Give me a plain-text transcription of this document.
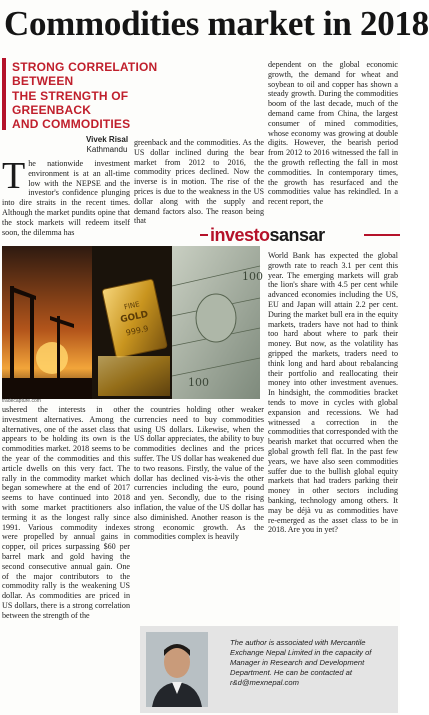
Commodities market in 2018

STRONG CORRELATION BETWEEN

THE STRENGTH OF GREENBACK

AND COMMODITIES

Vivek Risal
Kathmandu
The nationwide investment environment is at an all-time low with the NEPSE and the investor's confidence plunging into dire straits in the recent times. Although the market pundits opine that the stock markets will redeem itself soon, the dilemma has

greenback and the commodities. As the US dollar inclined during the bear market from 2012 to 2016, the commodity prices declined. Now the inverse is in motion. The rise of the prices is due to the weakness in the US dollar along with the supply and demand factors also. The reason being that

dependent on the global economic growth, the demand for wheat and soybean to oil and copper has shown a steady growth. During the commodities boom of the last decade, much of the demand came from China, the largest consumer of mined commodities, whose economy was growing at double digits. However, the bearish period from 2012 to 2016 witnessed the fall in the growth reflecting the fall in most commodities. In contemporary times, the growth has resurfaced and the commodities value has rekindled. In a recent report, the

investosansar
FINE
GOLD
999.9
100
100
tradecapture.com

World Bank has expected the global growth rate to reach 3.1 per cent this year. The emerging markets will grab the lion's share with 4.5 per cent while advanced economies including the US, EU and Japan will attain 2.2 per cent. During the market bull era in the equity markets, traders have not had to think too hard about where to park their money. But now, as the volatility has gripped the markets, traders need to think long and hard about rebalancing their portfolio and reallocating their money into other investment avenues. In hindsight, the commodities bracket tends to move in cycles with global expansion and recessions. We had witnessed a correction in the commodities that corresponded with the bearish market that occurred when the global growth fell flat. In the past few years, we have also seen commodities suffer due to the bullish global equity markets that had traders parking their money in other sectors including banking, technology among others. It may be déjà vu as commodities have re-emerged as the asset class to be in 2018. Are you in yet?

ushered the interests in other investment alternatives. Among the alternatives, one of the asset class that appears to be holding its own is the commodities market. 2018 seems to be the year of the commodities and this article dwells on this very fact. The rally in the commodity market which began somewhere at the end of 2017 seems to have continued into 2018 with some market practitioners also terming it as the longest rally since 1991. Various commodity indexes were propelled by annual gains in copper, oil prices surpassing $60 per barrel mark and gold having the second consecutive annual gain. One of the major contributors to the commodity rally is the weakening US dollar. As commodities are priced in US dollars, there is a strong correlation between the strength of the

the countries holding other weaker currencies need to buy commodities using US dollars. Likewise, when the US dollar appreciates, the ability to buy commodities declines and the prices suffer. The US dollar has weakened due to two reasons. Firstly, the value of the dollar has declined vis-à-vis the other currencies including the euro, pound and yen. Secondly, due to the rising inflation, the value of the US dollar has also diminished. Another reason is the strong economic growth. As the commodities complex is heavily

The author is associated with Mercantile Exchange Nepal Limited in the capacity of Manager in Research and Development Department. He can be contacted at r&d@mexnepal.com
